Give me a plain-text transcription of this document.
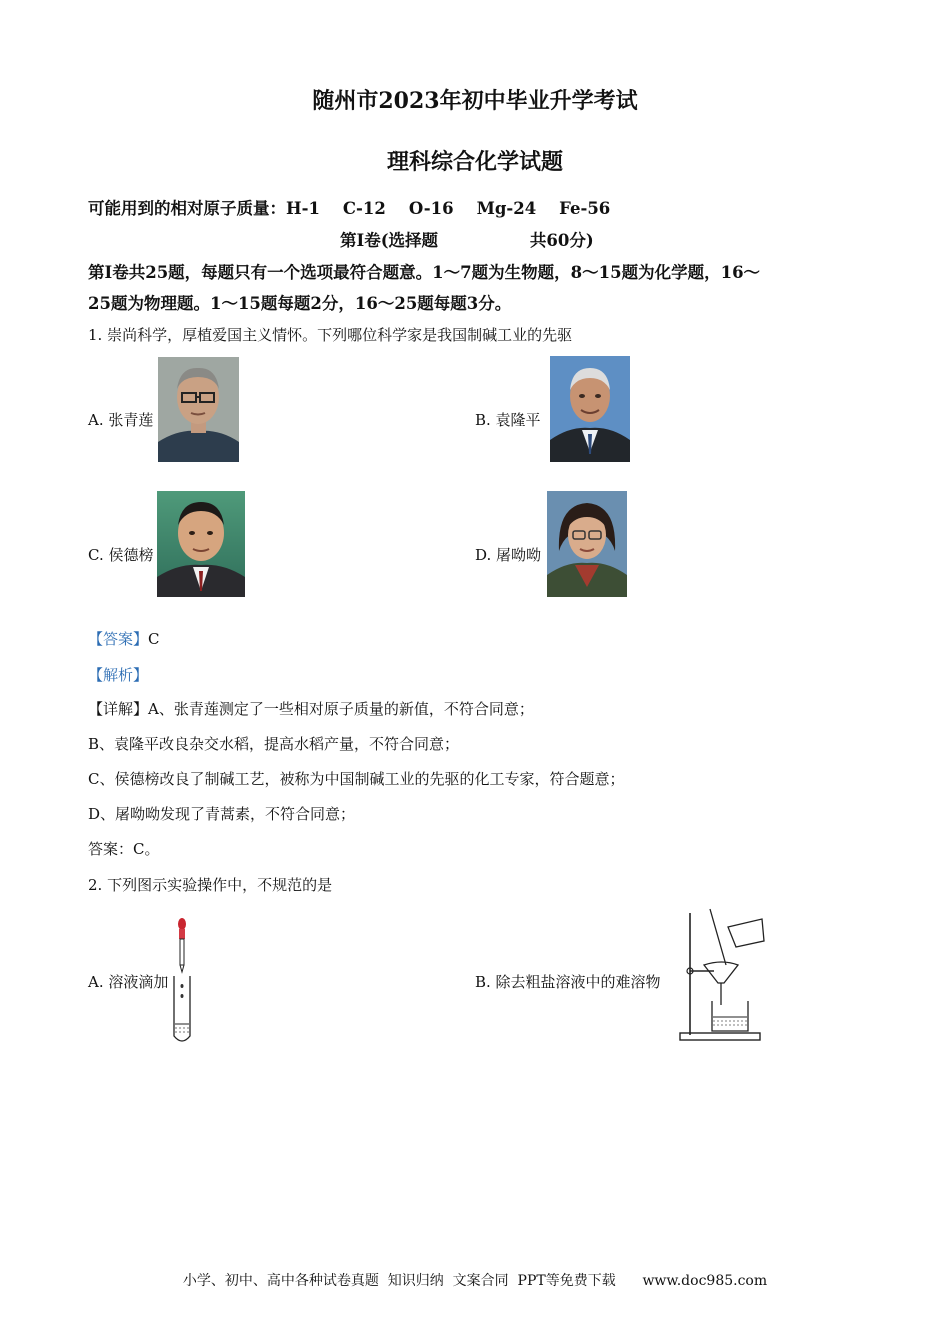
随州市2023年初中毕业升学考试
理科综合化学试题
可能用到的相对原子质量：H-1    C-12    O-16    Mg-24    Fe-56
第Ⅰ卷(选择题                共60分)
第Ⅰ卷共25题，每题只有一个选项最符合题意。1～7题为生物题，8～15题为化学题，16～
25题为物理题。1～15题每题2分，16～25题每题3分。
1. 崇尚科学，厚植爱国主义情怀。下列哪位科学家是我国制碱工业的先驱
A. 张青莲	B. 袁隆平
C. 侯德榜	D. 屠呦呦
【答案】C
【解析】
【详解】A、张青莲测定了一些相对原子质量的新值，不符合同意；
B、袁隆平改良杂交水稻，提高水稻产量，不符合同意；
C、侯德榜改良了制碱工艺，被称为中国制碱工业的先驱的化工专家，符合题意；
D、屠呦呦发现了青蒿素，不符合同意；
答案：C。
2. 下列图示实验操作中，不规范的是
A. 溶液滴加	B. 除去粗盐溶液中的难溶物
小学、初中、高中各种试卷真题  知识归纳  文案合同  PPT等免费下载      www.doc985.com
